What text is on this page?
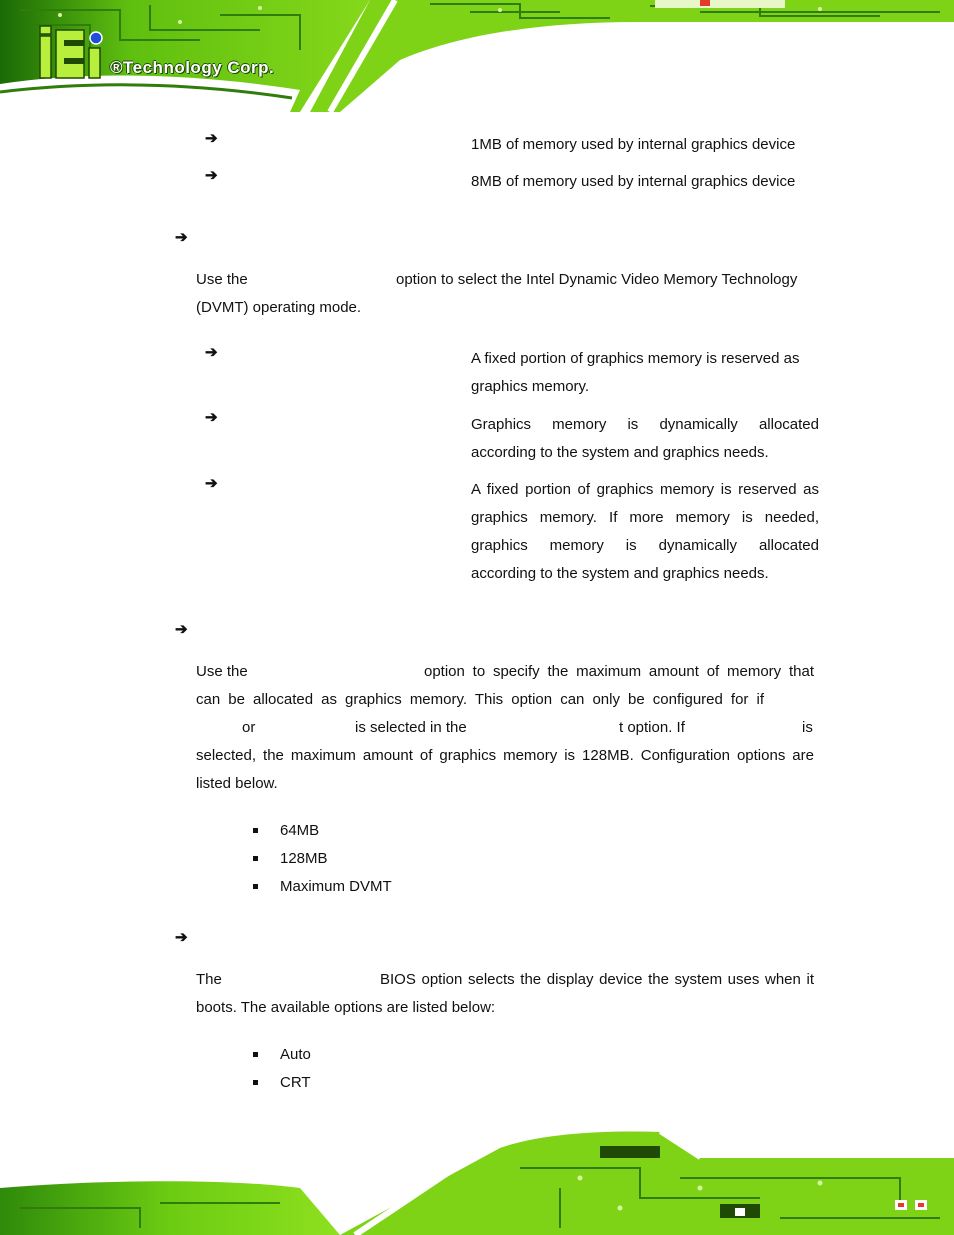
®Technology Corp.
➔	1MB of memory used by internal graphics device
➔	8MB of memory used by internal graphics device
➔
Use the	option to select the Intel Dynamic Video Memory Technology
(DVMT) operating mode.
➔	A fixed portion of graphics memory is reserved as
graphics memory.
➔	Graphics memory is dynamically allocated
according to the system and graphics needs.
➔	A fixed portion of graphics memory is reserved as
graphics memory. If more memory is needed,
graphics memory is dynamically allocated
according to the system and graphics needs.
➔
Use the	option to specify the maximum amount of memory that
can be allocated as graphics memory. This option can only be configured for if
or	is selected in the	t option. If	is
selected, the maximum amount of graphics memory is 128MB. Configuration options are
listed below.
64MB
128MB
Maximum DVMT
➔
The	BIOS option selects the display device the system uses when it
boots. The available options are listed below:
Auto
CRT
